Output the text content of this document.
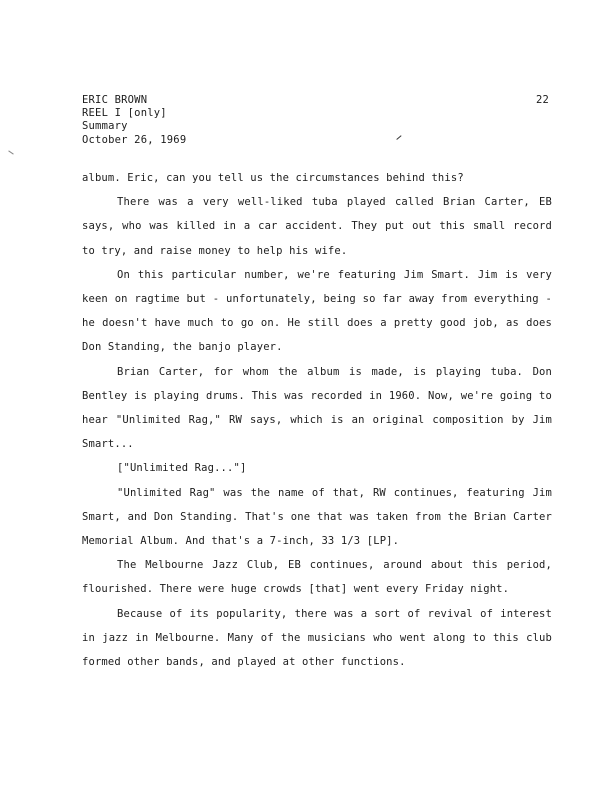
ERIC BROWN
REEL I [only]
Summary
October 26, 1969
22

album. Eric, can you tell us the circumstances behind this?

There was a very well-liked tuba played called Brian Carter, EB says, who was killed in a car accident. They put out this small record to try, and raise money to help his wife.

On this particular number, we're featuring Jim Smart. Jim is very keen on ragtime but - unfortunately, being so far away from everything - he doesn't have much to go on. He still does a pretty good job, as does Don Standing, the banjo player.

Brian Carter, for whom the album is made, is playing tuba. Don Bentley is playing drums. This was recorded in 1960. Now, we're going to hear "Unlimited Rag," RW says, which is an original composition by Jim Smart...

["Unlimited Rag..."]

"Unlimited Rag" was the name of that, RW continues, featuring Jim Smart, and Don Standing. That's one that was taken from the Brian Carter Memorial Album. And that's a 7-inch, 33 1/3 [LP].

The Melbourne Jazz Club, EB continues, around about this period, flourished. There were huge crowds [that] went every Friday night.

Because of its popularity, there was a sort of revival of interest in jazz in Melbourne. Many of the musicians who went along to this club formed other bands, and played at other functions.
